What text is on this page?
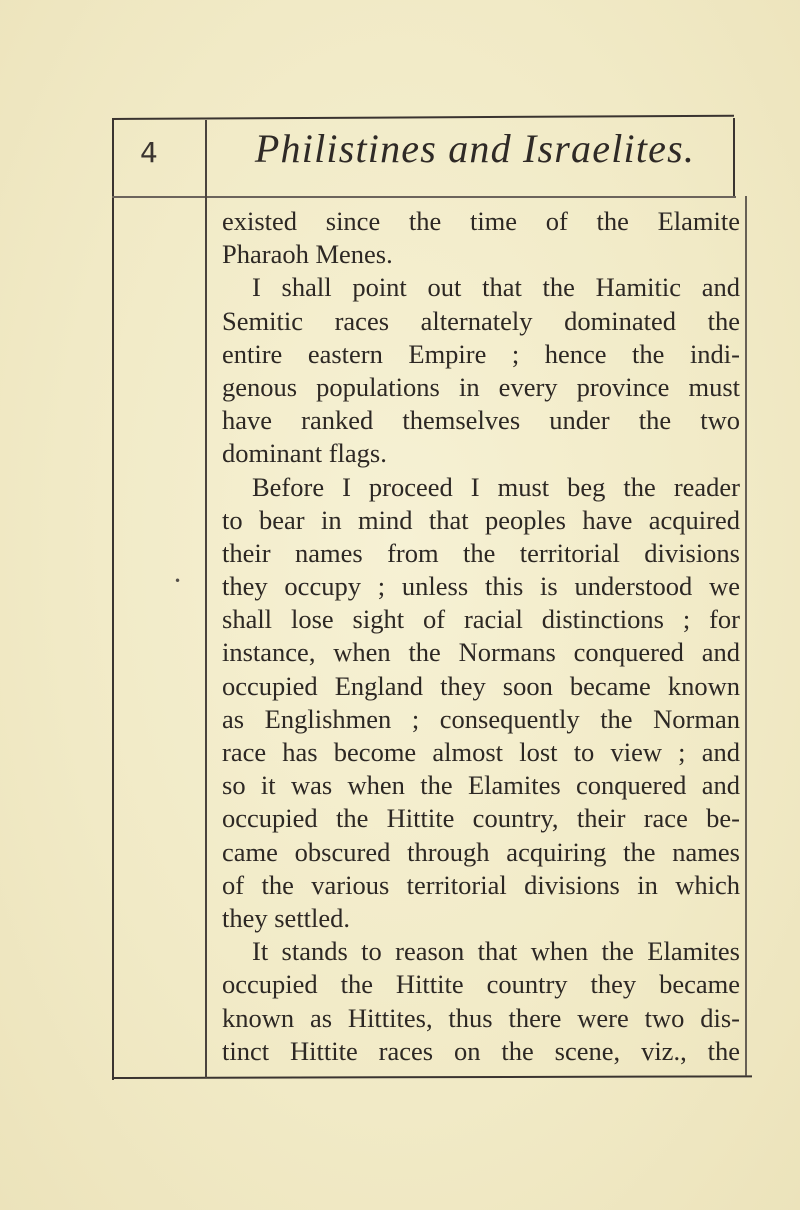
4	Philistines and Israelites.
•
existed since the time of the Elamite
Pharaoh Menes.
I shall point out that the Hamitic and
Semitic races alternately dominated the
entire eastern Empire ; hence the indi-
genous populations in every province must
have ranked themselves under the two
dominant flags.
Before I proceed I must beg the reader
to bear in mind that peoples have acquired
their names from the territorial divisions
they occupy ; unless this is understood we
shall lose sight of racial distinctions ; for
instance, when the Normans conquered and
occupied England they soon became known
as Englishmen ; consequently the Norman
race has become almost lost to view ; and
so it was when the Elamites conquered and
occupied the Hittite country, their race be-
came obscured through acquiring the names
of the various territorial divisions in which
they settled.
It stands to reason that when the Elamites
occupied the Hittite country they became
known as Hittites, thus there were two dis-
tinct Hittite races on the scene, viz., the
